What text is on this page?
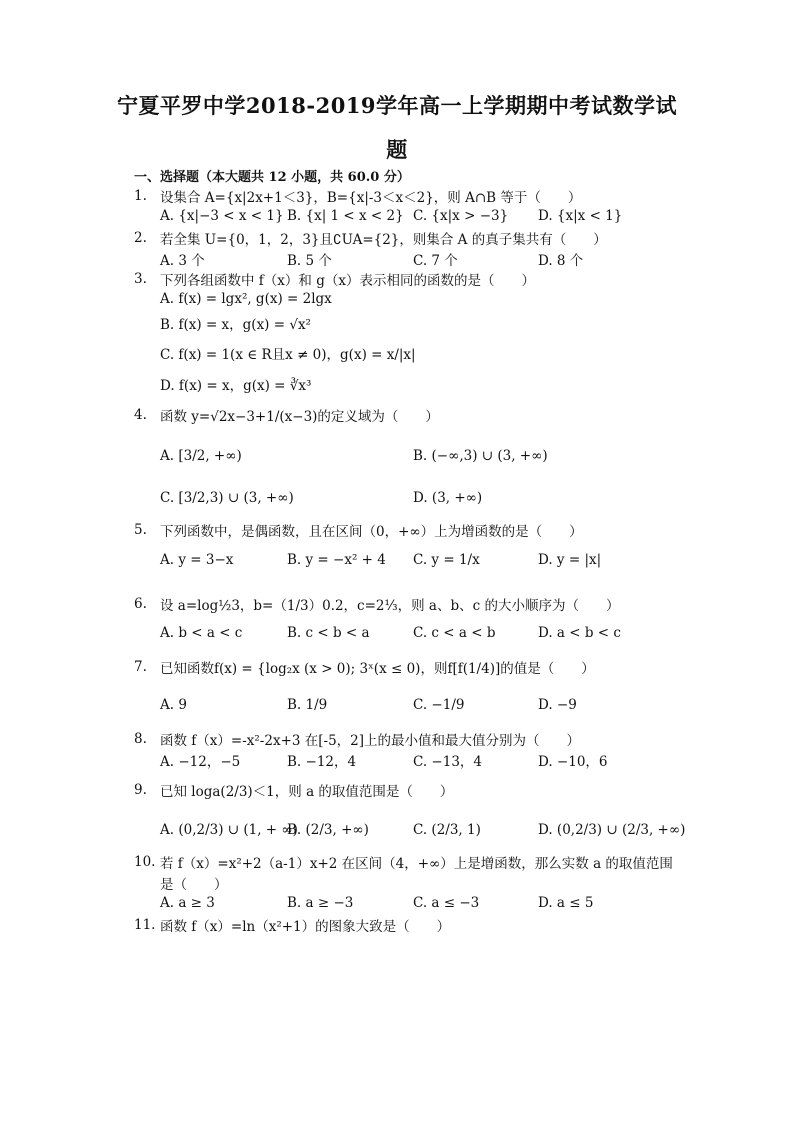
宁夏平罗中学2018-2019学年高一上学期期中考试数学试
题
一、选择题（本大题共 12 小题，共 60.0 分）
1. 设集合 A={x|2x+1＜3}，B={x|-3＜x＜2}，则 A∩B 等于（　　）
A. {x|−3 < x < 1} B. {x| 1 < x < 2} C. {x|x > −3} D. {x|x < 1}
2. 若全集 U={0，1，2，3}且∁UA={2}，则集合 A 的真子集共有（　　）
A. 3 个	B. 5 个	C. 7 个	D. 8 个
3. 下列各组函数中 f（x）和 g（x）表示相同的函数的是（　　）
A. f(x) = lgx², g(x) = 2lgx
B. f(x) = x，g(x) = √x²
C. f(x) = 1(x ∈ R且x ≠ 0)，g(x) = x/|x|
D. f(x) = x，g(x) = ∛x³
4. 函数 y=√2x−3+1/(x−3)的定义域为（　　）
A. [3/2, +∞)	B. (−∞,3) ∪ (3, +∞)
C. [3/2,3) ∪ (3, +∞)	D. (3, +∞)
5. 下列函数中，是偶函数，且在区间（0，+∞）上为增函数的是（　　）
A. y = 3−x	B. y = −x² + 4 C. y = 1/x	D. y = |x|
6. 设 a=log½3，b=（1/3）0.2，c=2⅓，则 a、b、c 的大小顺序为（　　）
A. b < a < c	B. c < b < a	C. c < a < b	D. a < b < c
7. 已知函数f(x) = {log₂x (x > 0); 3ˣ(x ≤ 0)，则f[f(1/4)]的值是（　　）
A. 9	B. 1/9	C. −1/9	D. −9
8. 函数 f（x）=-x²-2x+3 在[-5，2]上的最小值和最大值分别为（　　）
A. −12，−5	B. −12，4	C. −13，4	D. −10，6
9. 已知 loga(2/3)＜1，则 a 的取值范围是（　　）
A. (0,2/3) ∪ (1, + ∞)
B. (2/3, +∞)	C. (2/3, 1)	D. (0,2/3) ∪ (2/3, +∞)
10. 若 f（x）=x²+2（a-1）x+2 在区间（4，+∞）上是增函数，那么实数 a 的取值范围
是（　　）
A. a ≥ 3	B. a ≥ −3	C. a ≤ −3	D. a ≤ 5
11. 函数 f（x）=ln（x²+1）的图象大致是（　　）
